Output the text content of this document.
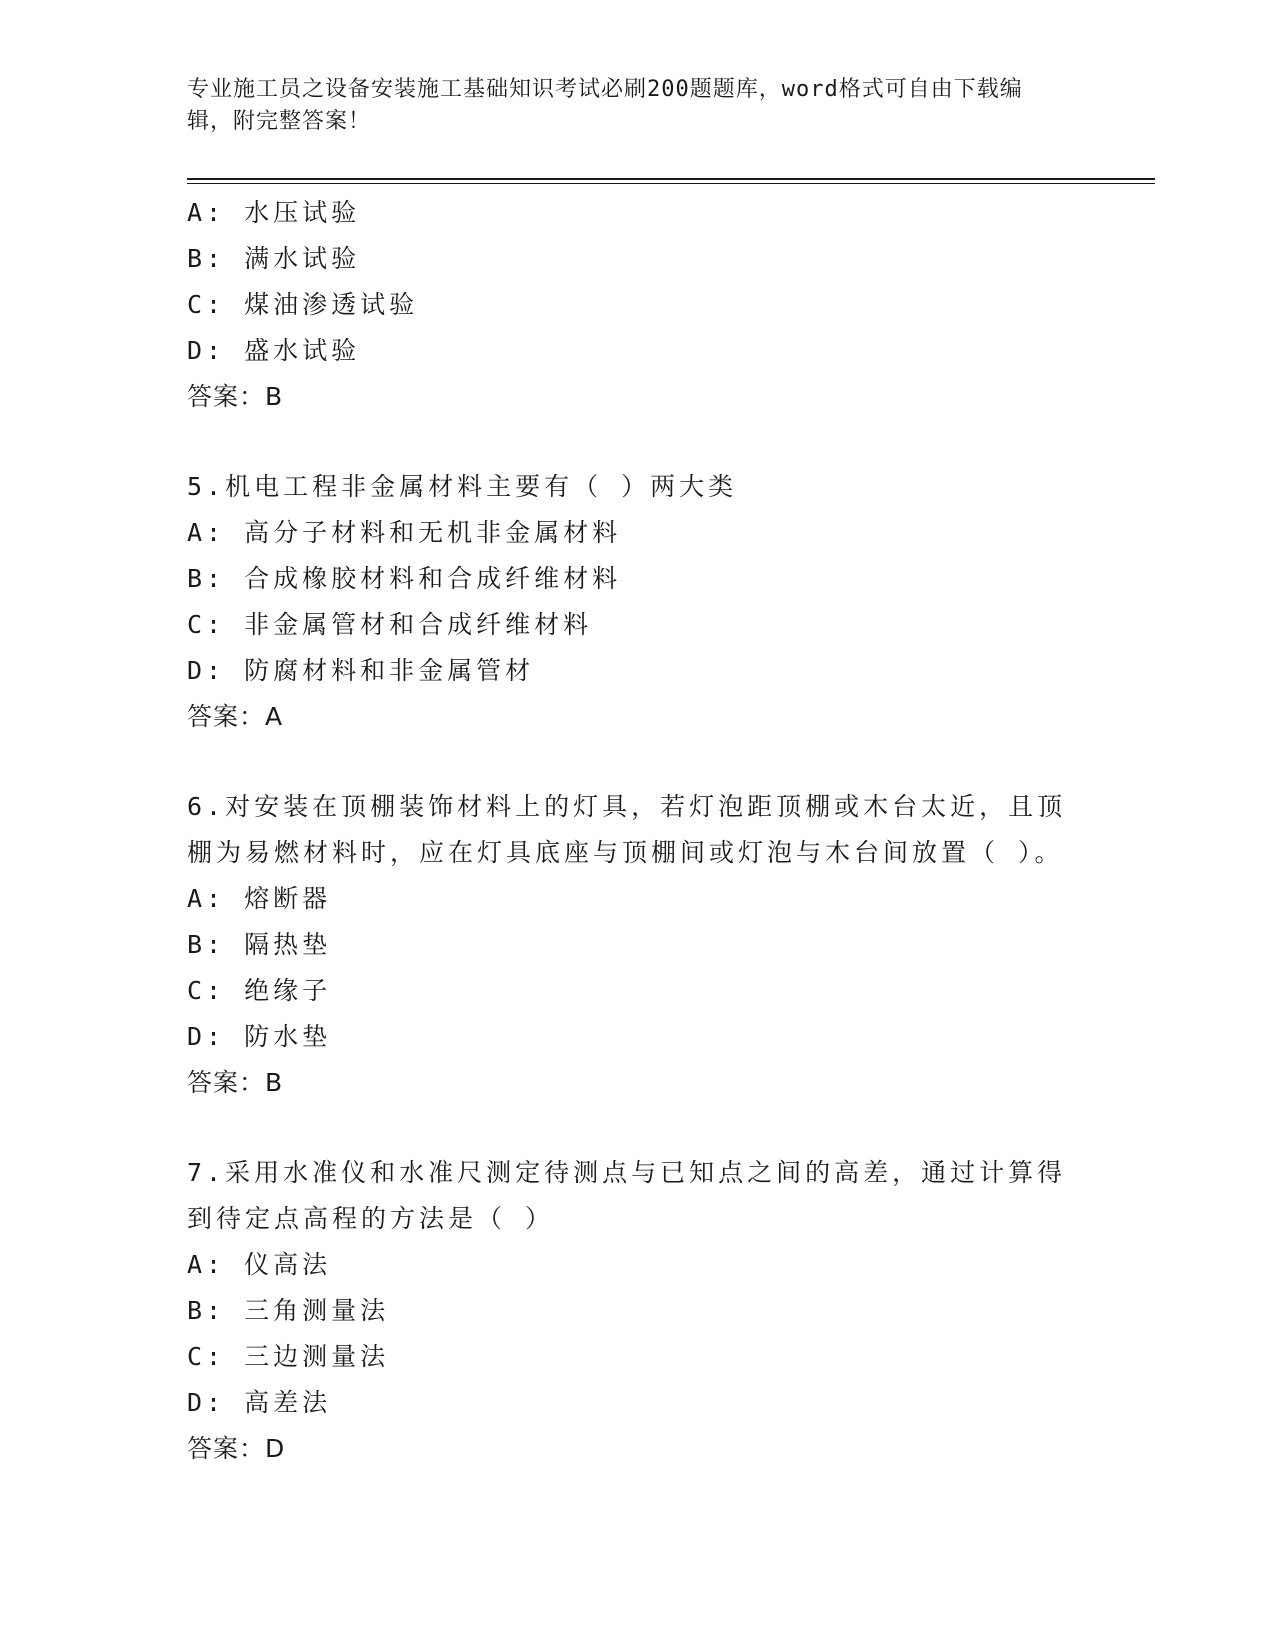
专业施工员之设备安装施工基础知识考试必刷200题题库，word格式可自由下载编辑，附完整答案！
A: 水压试验
B: 满水试验
C: 煤油渗透试验
D: 盛水试验
答案：B
5.机电工程非金属材料主要有（ ）两大类
A: 高分子材料和无机非金属材料
B: 合成橡胶材料和合成纤维材料
C: 非金属管材和合成纤维材料
D: 防腐材料和非金属管材
答案：A
6.对安装在顶棚装饰材料上的灯具，若灯泡距顶棚或木台太近，且顶棚为易燃材料时，应在灯具底座与顶棚间或灯泡与木台间放置（ ）。
A: 熔断器
B: 隔热垫
C: 绝缘子
D: 防水垫
答案：B
7.采用水准仪和水准尺测定待测点与已知点之间的高差，通过计算得到待定点高程的方法是（ ）
A: 仪高法
B: 三角测量法
C: 三边测量法
D: 高差法
答案：D
